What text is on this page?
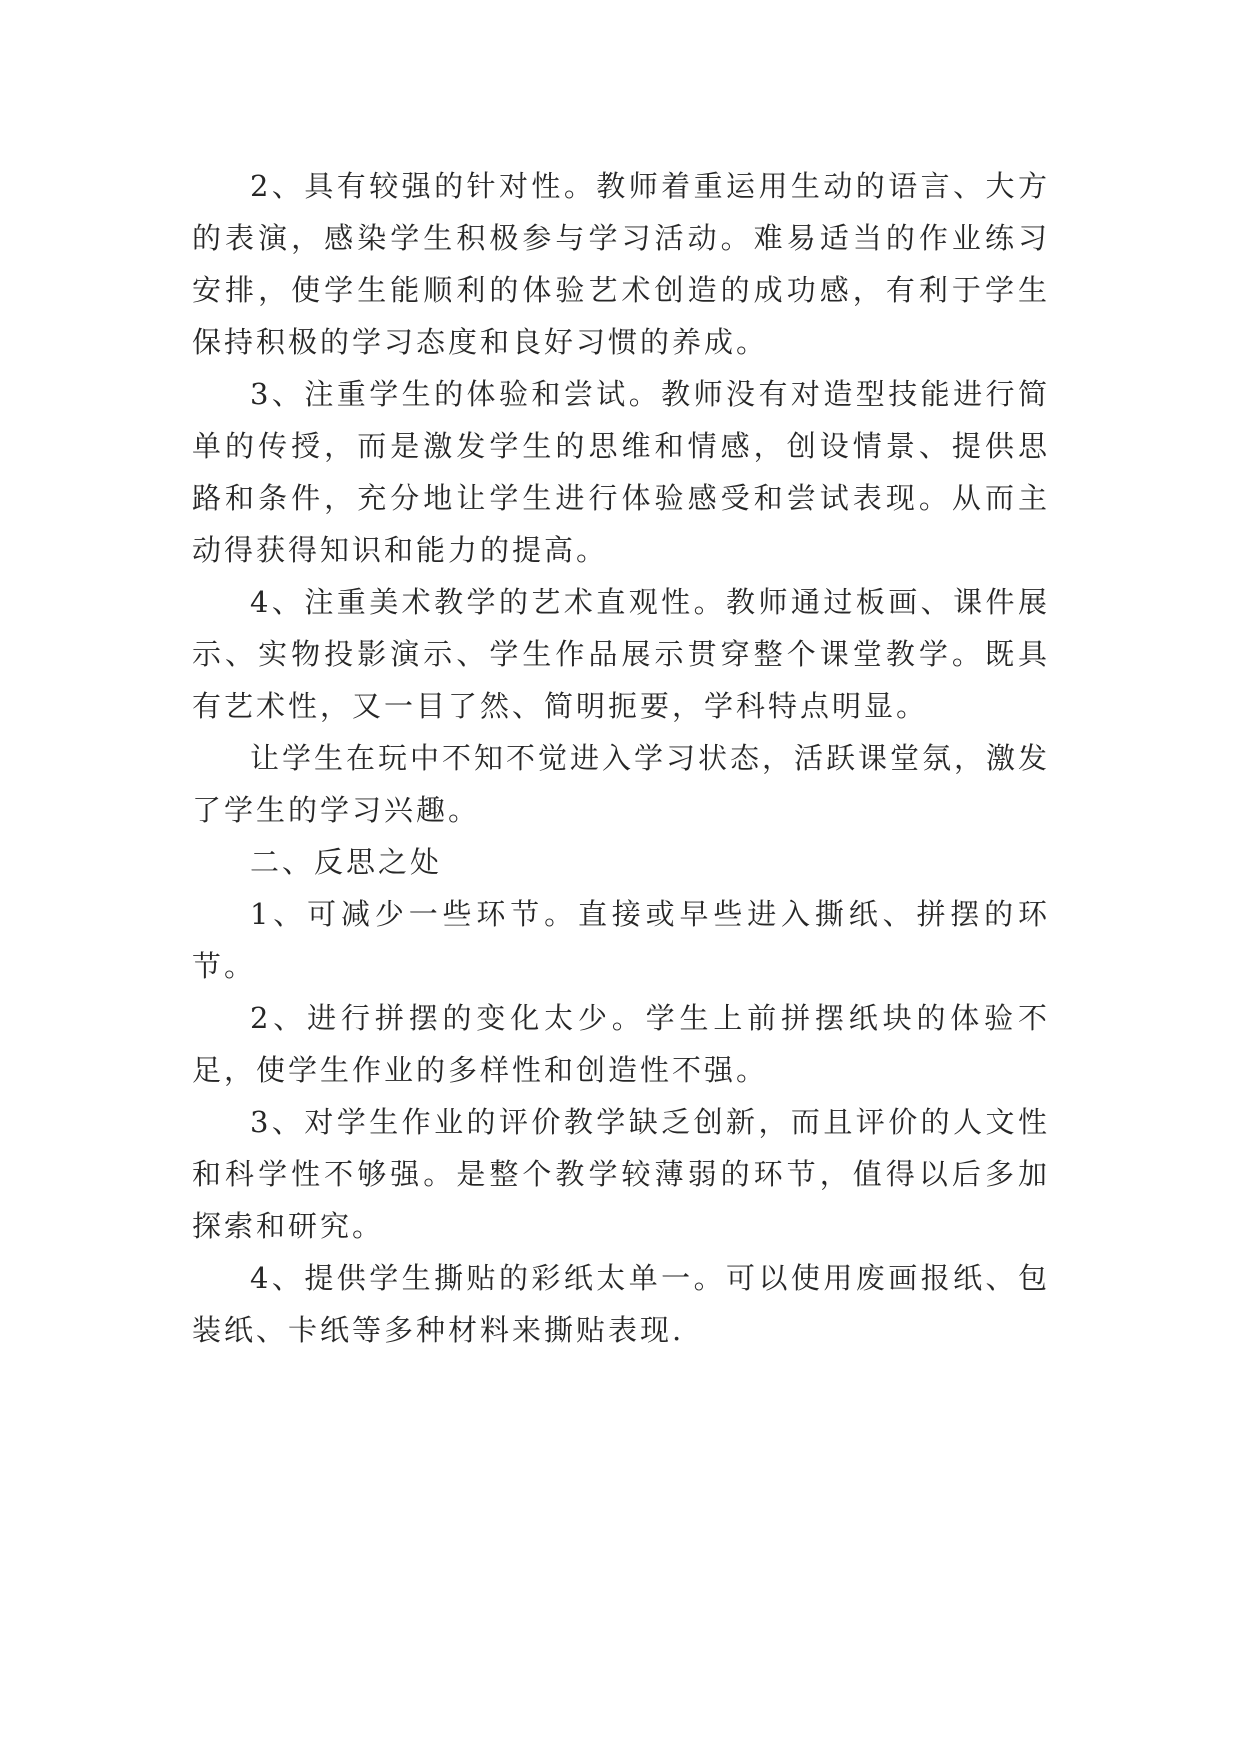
2、具有较强的针对性。教师着重运用生动的语言、大方的表演，感染学生积极参与学习活动。难易适当的作业练习安排，使学生能顺利的体验艺术创造的成功感，有利于学生保持积极的学习态度和良好习惯的养成。

3、注重学生的体验和尝试。教师没有对造型技能进行简单的传授，而是激发学生的思维和情感，创设情景、提供思路和条件，充分地让学生进行体验感受和尝试表现。从而主动得获得知识和能力的提高。

4、注重美术教学的艺术直观性。教师通过板画、课件展示、实物投影演示、学生作品展示贯穿整个课堂教学。既具有艺术性，又一目了然、简明扼要，学科特点明显。

让学生在玩中不知不觉进入学习状态，活跃课堂氛，激发了学生的学习兴趣。

二、反思之处

1、可减少一些环节。直接或早些进入撕纸、拼摆的环节。

2、进行拼摆的变化太少。学生上前拼摆纸块的体验不足，使学生作业的多样性和创造性不强。

3、对学生作业的评价教学缺乏创新，而且评价的人文性和科学性不够强。是整个教学较薄弱的环节，值得以后多加探索和研究。

4、提供学生撕贴的彩纸太单一。可以使用废画报纸、包装纸、卡纸等多种材料来撕贴表现.
